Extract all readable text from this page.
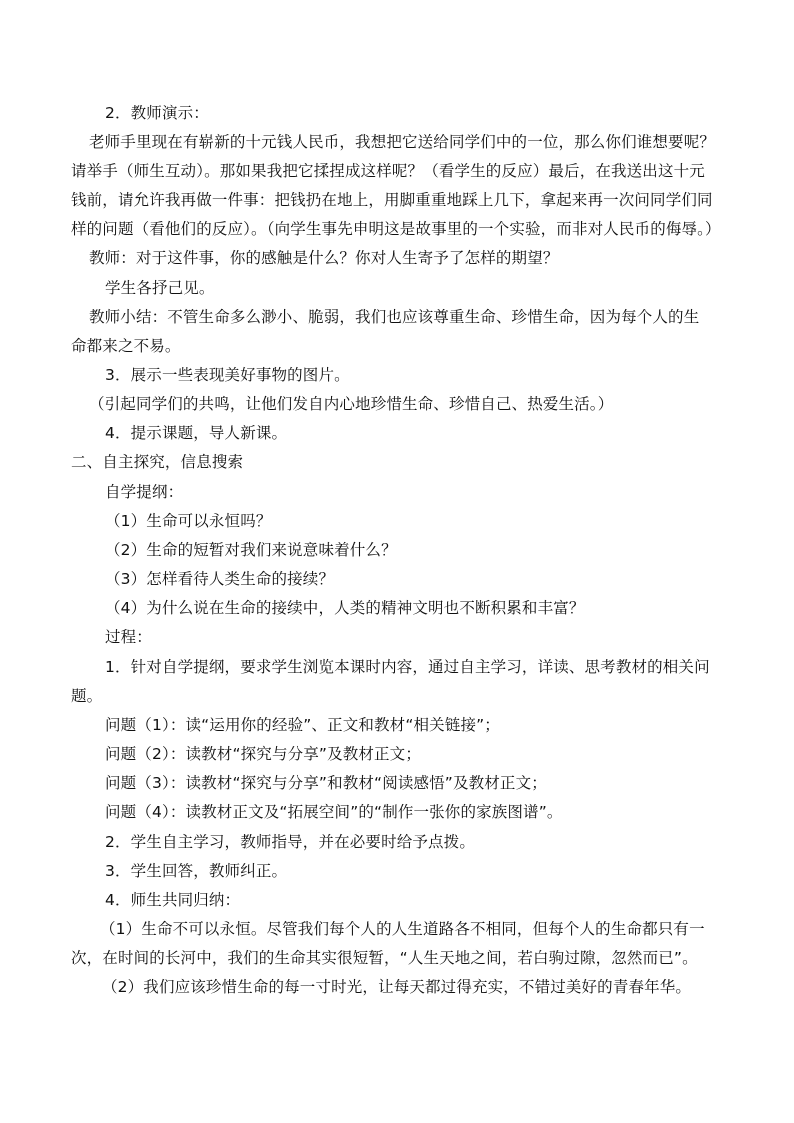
2．教师演示：
老师手里现在有崭新的十元钱人民币，我想把它送给同学们中的一位，那么你们谁想要呢？
请举手（师生互动）。那如果我把它揉捏成这样呢？（看学生的反应）最后，在我送出这十元
钱前，请允许我再做一件事：把钱扔在地上，用脚重重地踩上几下，拿起来再一次问同学们同
样的问题（看他们的反应）。（向学生事先申明这是故事里的一个实验，而非对人民币的侮辱。）
教师：对于这件事，你的感触是什么？你对人生寄予了怎样的期望？
学生各抒己见。
教师小结：不管生命多么渺小、脆弱，我们也应该尊重生命、珍惜生命，因为每个人的生
命都来之不易。
3．展示一些表现美好事物的图片。
（引起同学们的共鸣，让他们发自内心地珍惜生命、珍惜自己、热爱生活。）
4．提示课题，导人新课。
二、自主探究，信息搜索
自学提纲：
（1）生命可以永恒吗？
（2）生命的短暂对我们来说意味着什么？
（3）怎样看待人类生命的接续？
（4）为什么说在生命的接续中，人类的精神文明也不断积累和丰富？
过程：
1．针对自学提纲，要求学生浏览本课时内容，通过自主学习，详读、思考教材的相关问
题。
问题（1）：读“运用你的经验”、正文和教材“相关链接”；
问题（2）：读教材“探究与分享”及教材正文；
问题（3）：读教材“探究与分享”和教材“阅读感悟”及教材正文；
问题（4）：读教材正文及“拓展空间”的“制作一张你的家族图谱”。
2．学生自主学习，教师指导，并在必要时给予点拨。
3．学生回答，教师纠正。
4．师生共同归纳：
（1）生命不可以永恒。尽管我们每个人的人生道路各不相同，但每个人的生命都只有一
次，在时间的长河中，我们的生命其实很短暂，“人生天地之间，若白驹过隙，忽然而已”。
（2）我们应该珍惜生命的每一寸时光，让每天都过得充实，不错过美好的青春年华。
